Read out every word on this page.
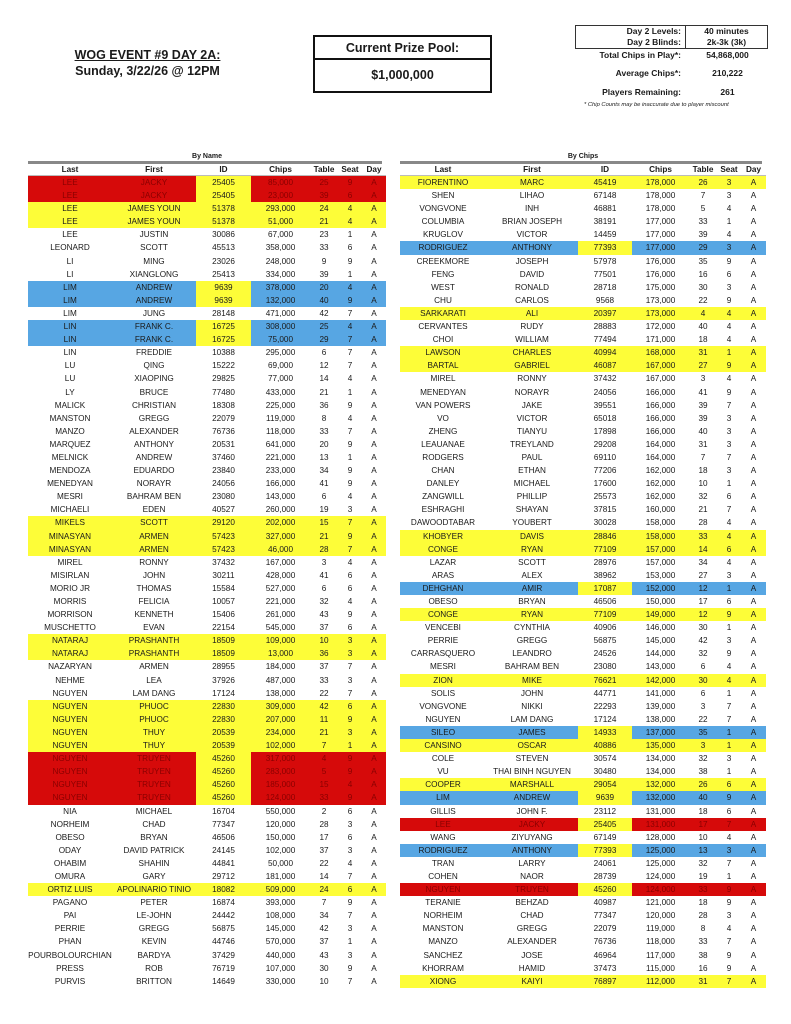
WOG EVENT #9 DAY 2A:
Sunday, 3/22/26 @ 12PM
Current Prize Pool:
$1,000,000
Day 2 Levels:	40 minutes
Day 2 Blinds:	2k-3k (3k)
Total Chips in Play*:	54,868,000
Average Chips*:	210,222
Players Remaining:	261
* Chip Counts may be inaccurate due to player miscount
By Name
Last	First	ID	Chips	Table Seat Day
LEE	JACKY	25405	85,000	25	9	A
LEE	JACKY	25405	23,000	39	6	A
LEE	JAMES YOUN	51378	293,000	24	4	A
LEE	JAMES YOUN	51378	51,000	21	4	A
LEE	JUSTIN	30086	67,000	23	1	A
LEONARD	SCOTT	45513	358,000	33	6	A
LI	MING	23026	248,000	9	9	A
LI	XIANGLONG	25413	334,000	39	1	A
LIM	ANDREW	9639	378,000	20	4	A
LIM	ANDREW	9639	132,000	40	9	A
LIM	JUNG	28148	471,000	42	7	A
LIN	FRANK C.	16725	308,000	25	4	A
LIN	FRANK C.	16725	75,000	29	7	A
LIN	FREDDIE	10388	295,000	6	7	A
LU	QING	15222	69,000	12	7	A
LU	XIAOPING	29825	77,000	14	4	A
LY	BRUCE	77480	433,000	21	1	A
MALICK	CHRISTIAN	18308	225,000	36	9	A
MANSTON	GREGG	22079	119,000	8	4	A
MANZO	ALEXANDER	76736	118,000	33	7	A
MARQUEZ	ANTHONY	20531	641,000	20	9	A
MELNICK	ANDREW	37460	221,000	13	1	A
MENDOZA	EDUARDO	23840	233,000	34	9	A
MENEDYAN	NORAYR	24056	166,000	41	9	A
MESRI	BAHRAM BEN	23080	143,000	6	4	A
MICHAELI	EDEN	40527	260,000	19	3	A
MIKELS	SCOTT	29120	202,000	15	7	A
MINASYAN	ARMEN	57423	327,000	21	9	A
MINASYAN	ARMEN	57423	46,000	28	7	A
MIREL	RONNY	37432	167,000	3	4	A
MISIRLAN	JOHN	30211	428,000	41	6	A
MORIO JR	THOMAS	15584	527,000	6	6	A
MORRIS	FELICIA	10057	221,000	32	4	A
MORRISON	KENNETH	15406	261,000	43	9	A
MUSCHETTO	EVAN	22154	545,000	37	6	A
NATARAJ	PRASHANTH	18509	109,000	10	3	A
NATARAJ	PRASHANTH	18509	13,000	36	3	A
NAZARYAN	ARMEN	28955	184,000	37	7	A
NEHME	LEA	37926	487,000	33	3	A
NGUYEN	LAM DANG	17124	138,000	22	7	A
NGUYEN	PHUOC	22830	309,000	42	6	A
NGUYEN	PHUOC	22830	207,000	11	9	A
NGUYEN	THUY	20539	234,000	21	3	A
NGUYEN	THUY	20539	102,000	7	1	A
NGUYEN	TRUYEN	45260	317,000	4	9	A
NGUYEN	TRUYEN	45260	283,000	5	9	A
NGUYEN	TRUYEN	45260	185,000	15	4	A
NGUYEN	TRUYEN	45260	124,000	33	9	A
NIA	MICHAEL	16704	550,000	2	6	A
NORHEIM	CHAD	77347	120,000	28	3	A
OBESO	BRYAN	46506	150,000	17	6	A
ODAY	DAVID PATRICK	24145	102,000	37	3	A
OHABIM	SHAHIN	44841	50,000	22	4	A
OMURA	GARY	29712	181,000	14	7	A
ORTIZ LUIS	APOLINARIO TINIO	18082	509,000	24	6	A
PAGANO	PETER	16874	393,000	7	9	A
PAI	LE-JOHN	24442	108,000	34	7	A
PERRIE	GREGG	56875	145,000	42	3	A
PHAN	KEVIN	44746	570,000	37	1	A
POURBOLOURCHIAN	BARDYA	37429	440,000	43	3	A
PRESS	ROB	76719	107,000	30	9	A
PURVIS	BRITTON	14649	330,000	10	7	A
By Chips
Last	First	ID	Chips	Table Seat	Day
FIORENTINO	MARC	45419	178,000	26	3	A
SHEN	LIHAO	67148	178,000	7	3	A
VONGVONE	INH	46881	178,000	5	4	A
COLUMBIA	BRIAN JOSEPH	38191	177,000	33	1	A
KRUGLOV	VICTOR	14459	177,000	39	4	A
RODRIGUEZ	ANTHONY	77393	177,000	29	3	A
CREEKMORE	JOSEPH	57978	176,000	35	9	A
FENG	DAVID	77501	176,000	16	6	A
WEST	RONALD	28718	175,000	30	3	A
CHU	CARLOS	9568	173,000	22	9	A
SARKARATI	ALI	20397	173,000	4	4	A
CERVANTES	RUDY	28883	172,000	40	4	A
CHOI	WILLIAM	77494	171,000	18	4	A
LAWSON	CHARLES	40994	168,000	31	1	A
BARTAL	GABRIEL	46087	167,000	27	9	A
MIREL	RONNY	37432	167,000	3	4	A
MENEDYAN	NORAYR	24056	166,000	41	9	A
VAN POWERS	JAKE	39551	166,000	39	7	A
VO	VICTOR	65018	166,000	39	3	A
ZHENG	TIANYU	17898	166,000	40	3	A
LEAUANAE	TREYLAND	29208	164,000	31	3	A
RODGERS	PAUL	69110	164,000	7	7	A
CHAN	ETHAN	77206	162,000	18	3	A
DANLEY	MICHAEL	17600	162,000	10	1	A
ZANGWILL	PHILLIP	25573	162,000	32	6	A
ESHRAGHI	SHAYAN	37815	160,000	21	7	A
DAWOODTABAR	YOUBERT	30028	158,000	28	4	A
KHOBYER	DAVIS	28846	158,000	33	4	A
CONGE	RYAN	77109	157,000	14	6	A
LAZAR	SCOTT	28976	157,000	34	4	A
ARAS	ALEX	38962	153,000	27	3	A
DEHGHAN	AMIR	17087	152,000	12	1	A
OBESO	BRYAN	46506	150,000	17	6	A
CONGE	RYAN	77109	149,000	12	9	A
VENCEBI	CYNTHIA	40906	146,000	30	1	A
PERRIE	GREGG	56875	145,000	42	3	A
CARRASQUERO	LEANDRO	24526	144,000	32	9	A
MESRI	BAHRAM BEN	23080	143,000	6	4	A
ZION	MIKE	76621	142,000	30	4	A
SOLIS	JOHN	44771	141,000	6	1	A
VONGVONE	NIKKI	22293	139,000	3	7	A
NGUYEN	LAM DANG	17124	138,000	22	7	A
SILEO	JAMES	14933	137,000	35	1	A
CANSINO	OSCAR	40886	135,000	3	1	A
COLE	STEVEN	30574	134,000	32	3	A
VU	THAI BINH NGUYEN	30480	134,000	38	1	A
COOPER	MARSHALL	29054	132,000	26	6	A
LIM	ANDREW	9639	132,000	40	9	A
GILLIS	JOHN F.	23112	131,000	18	6	A
LEE	JACKY	25405	131,000	17	7	A
WANG	ZIYUYANG	67149	128,000	10	4	A
RODRIGUEZ	ANTHONY	77393	125,000	13	3	A
TRAN	LARRY	24061	125,000	32	7	A
COHEN	NAOR	28739	124,000	19	1	A
NGUYEN	TRUYEN	45260	124,000	33	9	A
TERANIE	BEHZAD	40987	121,000	18	9	A
NORHEIM	CHAD	77347	120,000	28	3	A
MANSTON	GREGG	22079	119,000	8	4	A
MANZO	ALEXANDER	76736	118,000	33	7	A
SANCHEZ	JOSE	46964	117,000	38	9	A
KHORRAM	HAMID	37473	115,000	16	9	A
XIONG	KAIYI	76897	112,000	31	7	A
